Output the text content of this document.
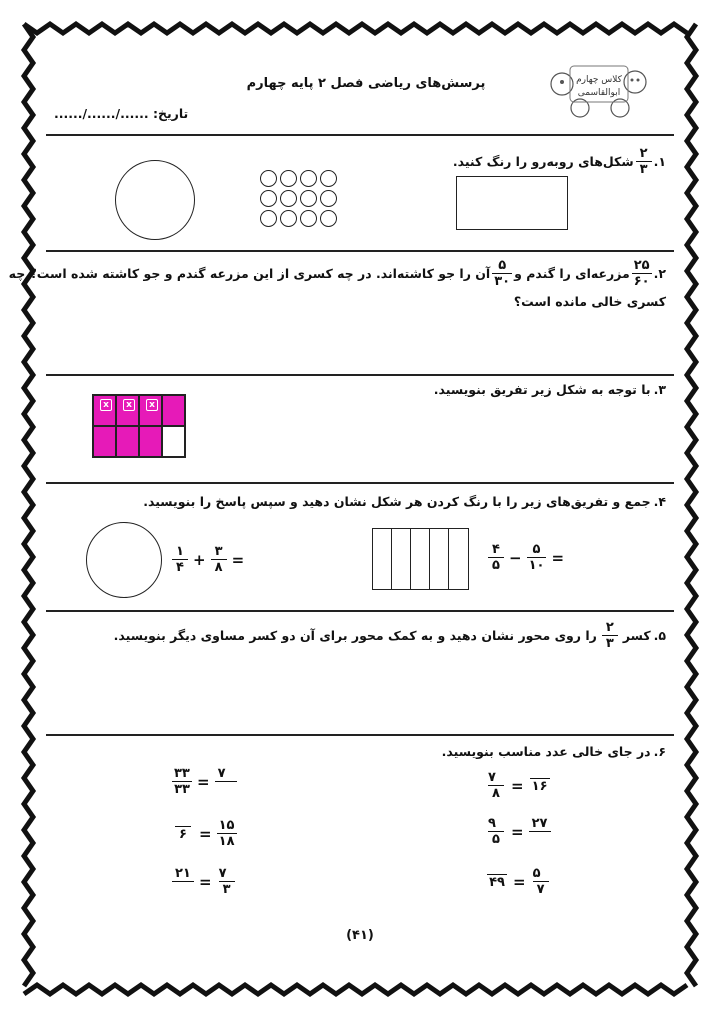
کلاس چهارم
ابوالقاسمی
پرسش‌های ریاضی فصل ۲ پایه چهارم
تاریخ: ....../....../......
۱.
$\frac{۲}{۳}$
شکل‌های روبه‌رو را رنگ کنید.
۲.
$\frac{۲۵}{۶۰}$
مزرعه‌ای را گندم و
$\frac{۵}{۳۰}$
آن را جو کاشته‌اند. در چه کسری از این مزرعه گندم و جو کاشته شده است؟ چه
کسری خالی مانده است؟
۳.
با توجه به شکل زیر تفریق بنویسید.
x	x	x
۴.
جمع و تفریق‌های زیر را با رنگ کردن هر شکل نشان دهید و سپس پاسخ را بنویسید.
$\frac{۱}{۴} + \frac{۳}{۸}$ =	$\frac{۴}{۵} - \frac{۵}{۱۰}$ =
۵.
کسر
$\frac{۲}{۳}$
را روی محور نشان دهید و به کمک محور برای آن دو کسر مساوی دیگر بنویسید.
۶.
در جای خالی عدد مناسب بنویسید.
$\frac{۷}{۸}$ = ۱۶
$\frac{۹}{۵}$ = ۲۷
۴۹ = $\frac{۵}{۷}$
$\frac{۳۳}{۳۳}$ = ۷
۶ = $\frac{۱۵}{۱۸}$
۲۱ = $\frac{۷}{۳}$
(۴۱)
